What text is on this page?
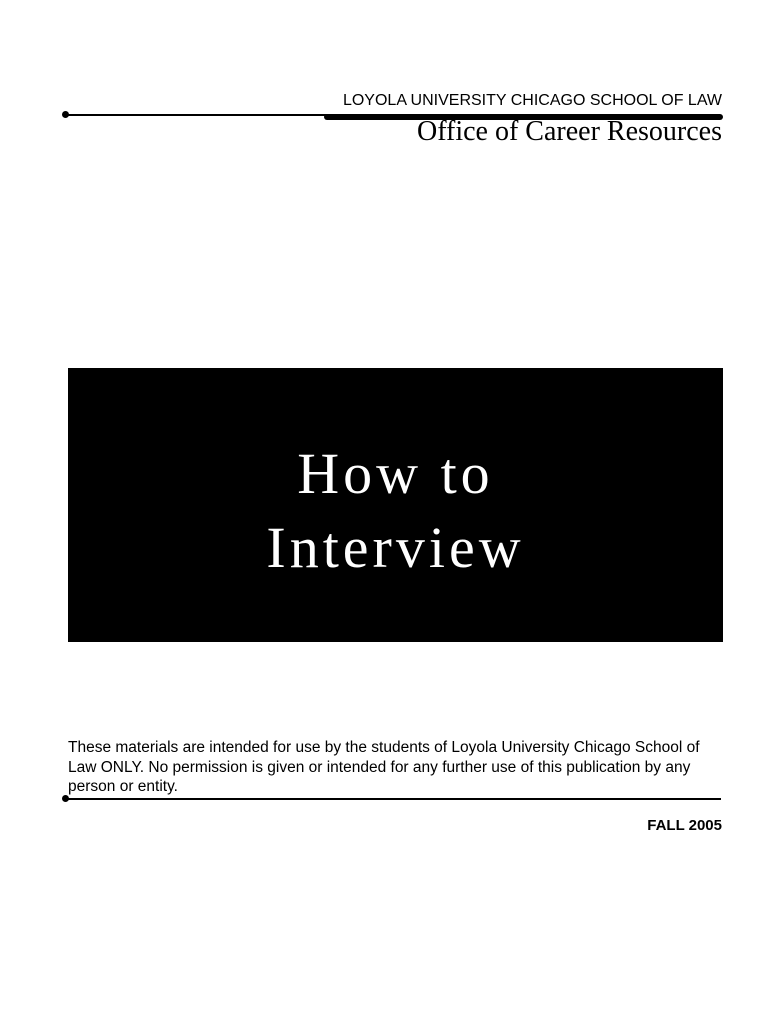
LOYOLA UNIVERSITY CHICAGO SCHOOL OF LAW
Office of Career Resources
How to
Interview
These materials are intended for use by the students of Loyola University Chicago School of Law ONLY. No permission is given or intended for any further use of this publication by any person or entity.
FALL 2005
